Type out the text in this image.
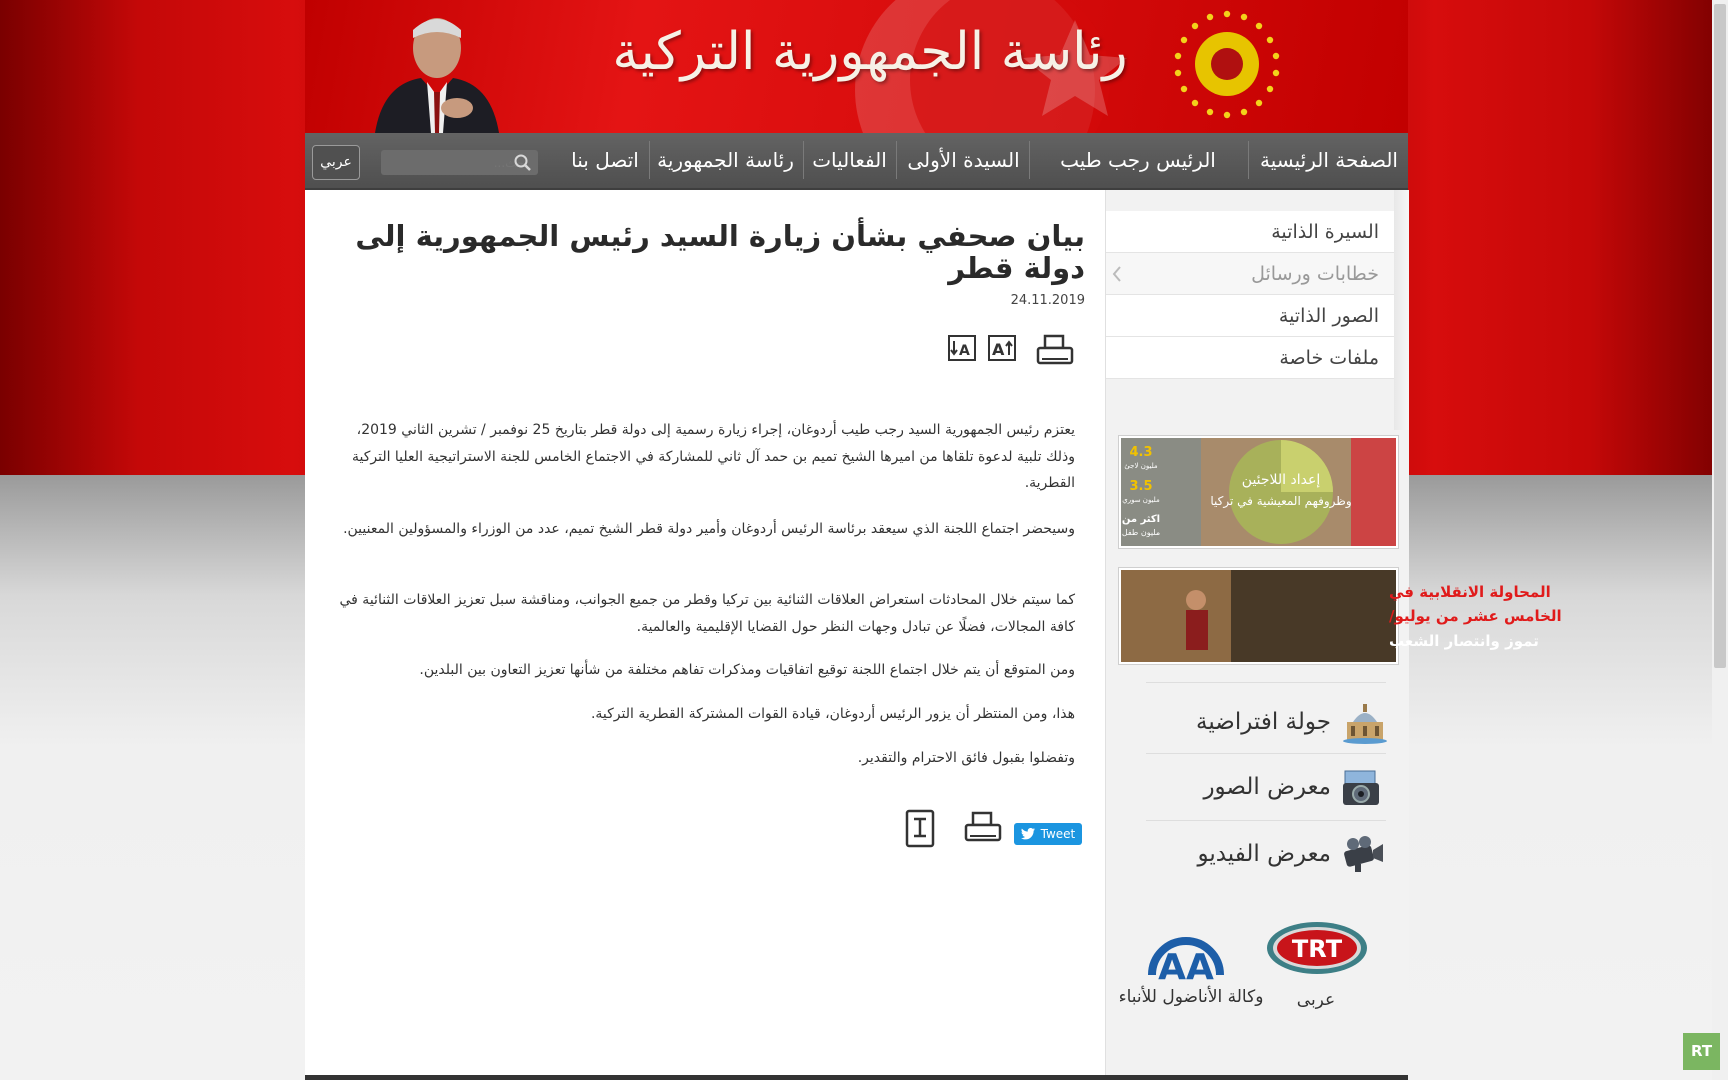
رئاسة الجمهورية التركية
الصفحة الرئيسية
الرئيس رجب طيب
السيدة الأولى
الفعاليات
رئاسة الجمهورية
اتصل بنا
بحث...
عربي
بيان صحفي بشأن زيارة السيد رئيس الجمهورية إلى دولة قطر
24.11.2019
A A

يعتزم رئيس الجمهورية السيد رجب طيب أردوغان، إجراء زيارة رسمية إلى دولة قطر بتاريخ 25 نوفمبر / تشرين الثاني 2019، وذلك تلبية لدعوة تلقاها من اميرها الشيخ تميم بن حمد آل ثاني للمشاركة في الاجتماع الخامس للجنة الاستراتيجية العليا التركية القطرية.

وسيحضر اجتماع اللجنة الذي سيعقد برئاسة الرئيس أردوغان وأمير دولة قطر الشيخ تميم، عدد من الوزراء والمسؤولين المعنيين.

كما سيتم خلال المحادثات استعراض العلاقات الثنائية بين تركيا وقطر من جميع الجوانب، ومناقشة سبل تعزيز العلاقات الثنائية في كافة المجالات، فضلًا عن تبادل وجهات النظر حول القضايا الإقليمية والعالمية.

ومن المتوقع أن يتم خلال اجتماع اللجنة توقيع اتفاقيات ومذكرات تفاهم مختلفة من شأنها تعزيز التعاون بين البلدين.

هذا، ومن المنتظر أن يزور الرئيس أردوغان، قيادة القوات المشتركة القطرية التركية.

وتفضلوا بقبول فائق الاحترام والتقدير.

Tweet
السيرة الذاتية
خطابات ورسائل
الصور الذاتية
ملفات خاصة
4.3
مليون لاجئ
3.5
مليون سوري
اكثر من
مليون طفل
إعداد اللاجئين
وظروفهم المعيشية في تركيا
المحاولة الانقلابية في
الخامس عشر من يوليو/
تموز وانتصار الشعب
جولة افتراضية
معرض الصور
معرض الفيديو
AA
وكالة الأناضول للأنباء
TRT
عربى
RT
